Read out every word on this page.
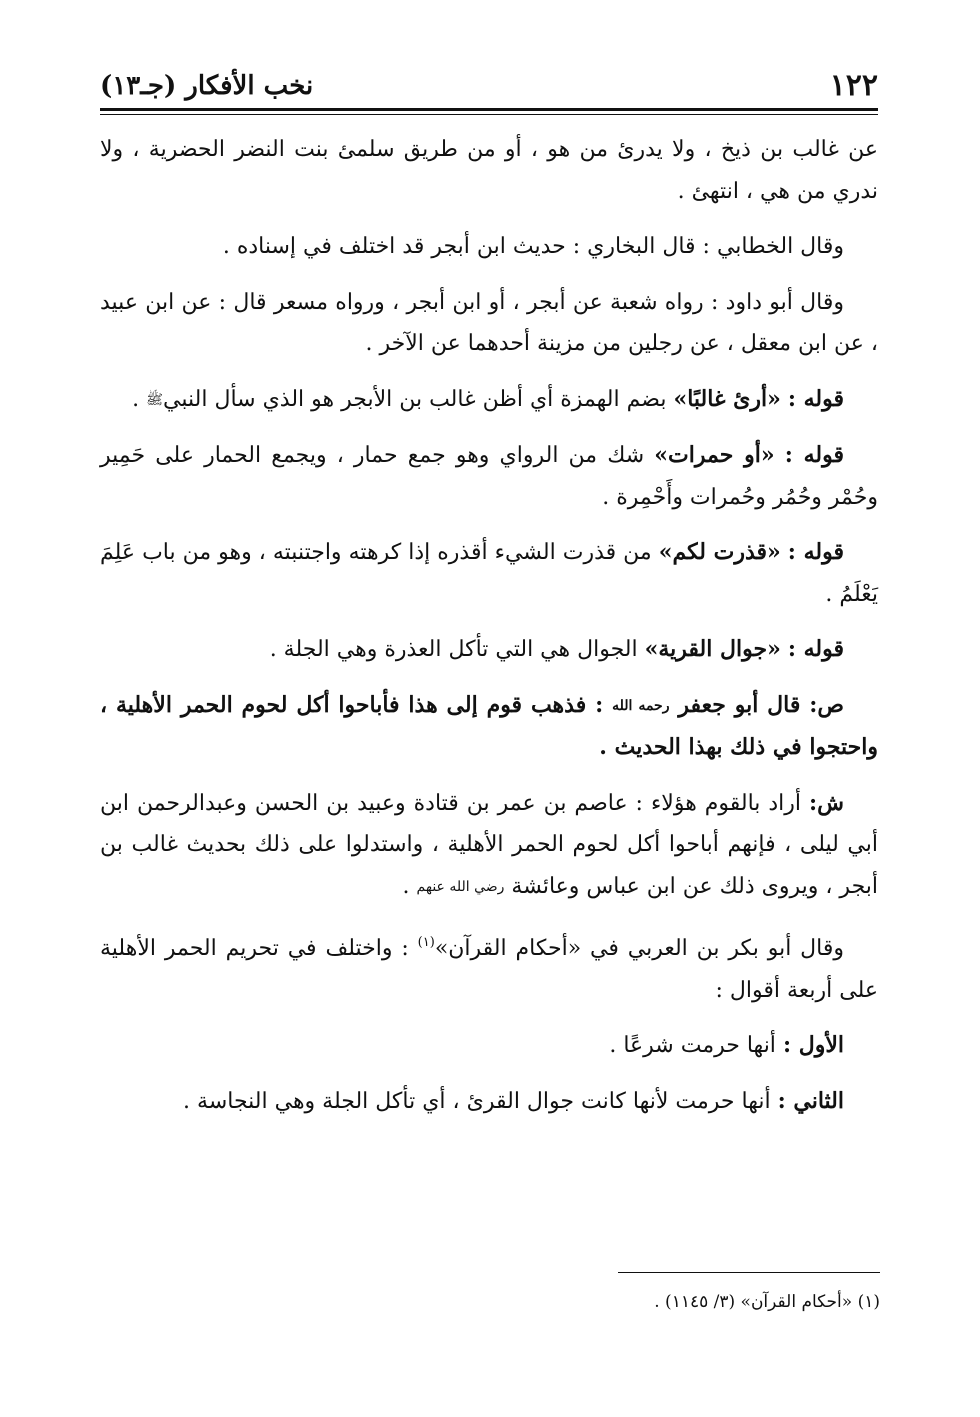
١٢٢
نخب الأفكار (جـ١٣)

عن غالب بن ذيخ ، ولا يدرئ من هو ، أو من طريق سلمئ بنت النضر الحضرية ، ولا ندري من هي ، انتهئ .

وقال الخطابي : قال البخاري : حديث ابن أبجر قد اختلف في إسناده .

وقال أبو داود : رواه شعبة عن أبجر ، أو ابن أبجر ، ورواه مسعر قال : عن ابن عبيد ، عن ابن معقل ، عن رجلين من مزينة أحدهما عن الآخر .

قوله : «أرئ غالبًا» بضم الهمزة أي أظن غالب بن الأبجر هو الذي سأل النبيﷺ .

قوله : «أو حمرات» شك من الرواي وهو جمع حمار ، ويجمع الحمار على حَمِير وحُمْر وحُمُر وحُمرات وأَحْمِرة .

قوله : «قذرت لكم» من قذرت الشيء أقذره إذا كرهته واجتنبته ، وهو من باب عَلِمَ يَعْلَمُ .

قوله : «جوال القرية» الجوال هي التي تأكل العذرة وهي الجلة .

ص: قال أبو جعفر رحمه الله : فذهب قوم إلى هذا فأباحوا أكل لحوم الحمر الأهلية ، واحتجوا في ذلك بهذا الحديث .

ش: أراد بالقوم هؤلاء : عاصم بن عمر بن قتادة وعبيد بن الحسن وعبدالرحمن ابن أبي ليلى ، فإنهم أباحوا أكل لحوم الحمر الأهلية ، واستدلوا على ذلك بحديث غالب بن أبجر ، ويروى ذلك عن ابن عباس وعائشة رضي الله عنهم .

وقال أبو بكر بن العربي في «أحكام القرآن»$^{(١)}$ : واختلف في تحريم الحمر الأهلية على أربعة أقوال :

الأول : أنها حرمت شرعًا .

الثاني : أنها حرمت لأنها كانت جوال القرئ ، أي تأكل الجلة وهي النجاسة .

(١) «أحكام القرآن» (٣/ ١١٤٥) .
